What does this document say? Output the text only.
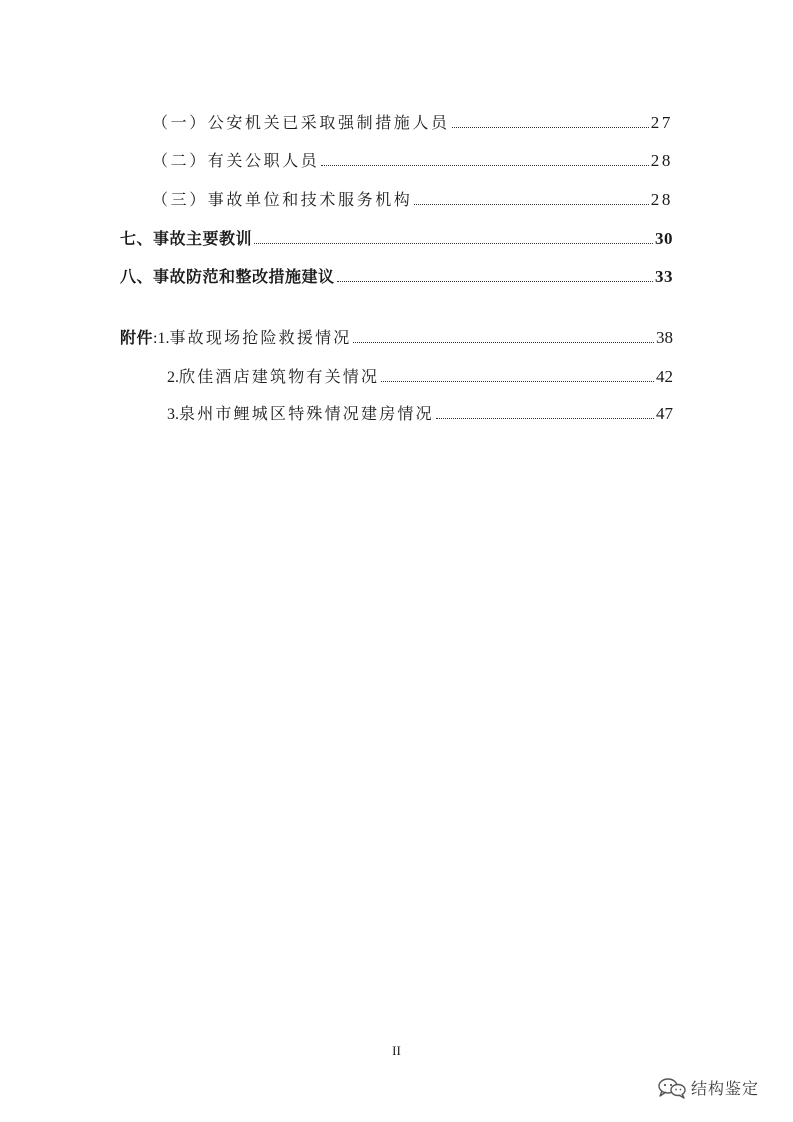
（一）公安机关已采取强制措施人员	27
（二）有关公职人员	28
（三）事故单位和技术服务机构	28
七、事故主要教训	30
八、事故防范和整改措施建议	33
附件:1.事故现场抢险救援情况	38
2.欣佳酒店建筑物有关情况	42
3.泉州市鲤城区特殊情况建房情况	47
II
结构鉴定
